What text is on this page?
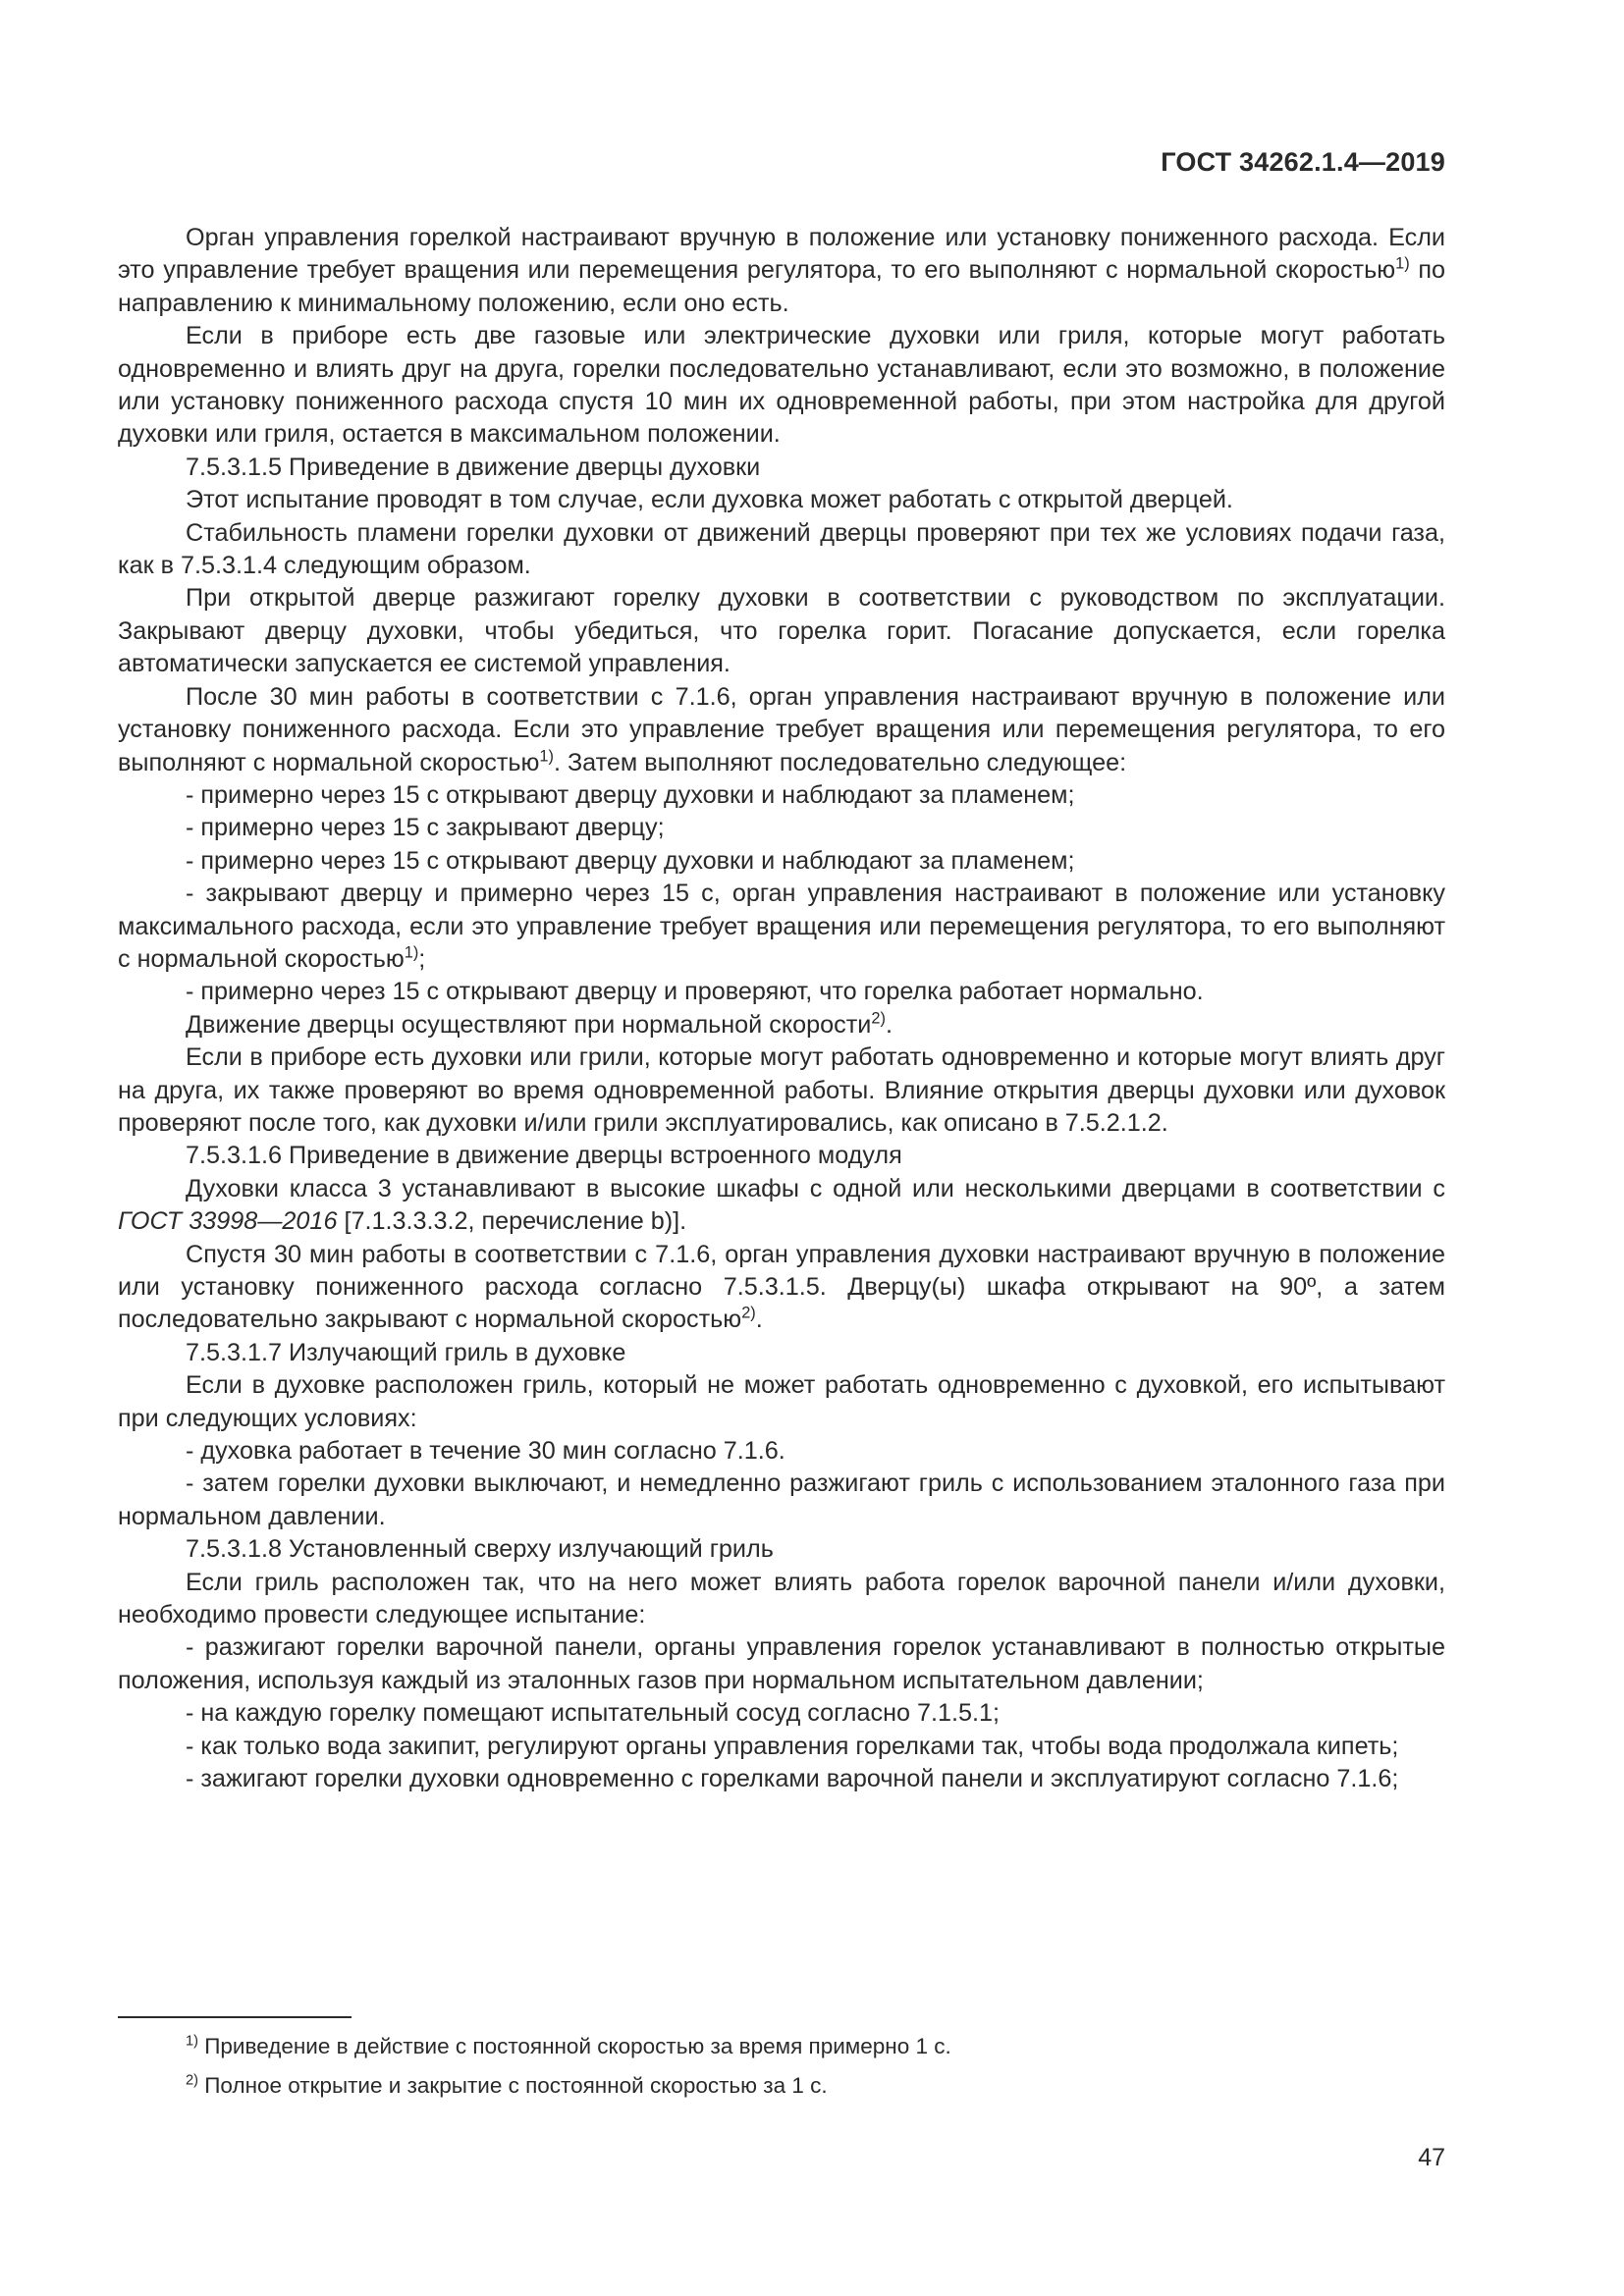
ГОСТ 34262.1.4—2019

Орган управления горелкой настраивают вручную в положение или установку пониженного расхода. Если это управление требует вращения или перемещения регулятора, то его выполняют с нормальной скоростью$^{1)}$ по направлению к минимальному положению, если оно есть.

Если в приборе есть две газовые или электрические духовки или гриля, которые могут работать одновременно и влиять друг на друга, горелки последовательно устанавливают, если это возможно, в положение или установку пониженного расхода спустя 10 мин их одновременной работы, при этом настройка для другой духовки или гриля, остается в максимальном положении.

7.5.3.1.5 Приведение в движение дверцы духовки

Этот испытание проводят в том случае, если духовка может работать с открытой дверцей.

Стабильность пламени горелки духовки от движений дверцы проверяют при тех же условиях подачи газа, как в 7.5.3.1.4 следующим образом.

При открытой дверце разжигают горелку духовки в соответствии с руководством по эксплуатации. Закрывают дверцу духовки, чтобы убедиться, что горелка горит. Погасание допускается, если горелка автоматически запускается ее системой управления.

После 30 мин работы в соответствии с 7.1.6, орган управления настраивают вручную в положение или установку пониженного расхода. Если это управление требует вращения или перемещения регулятора, то его выполняют с нормальной скоростью$^{1)}$. Затем выполняют последовательно следующее:

- примерно через 15 с открывают дверцу духовки и наблюдают за пламенем;

- примерно через 15 с закрывают дверцу;

- примерно через 15 с открывают дверцу духовки и наблюдают за пламенем;

- закрывают дверцу и примерно через 15 с, орган управления настраивают в положение или установку максимального расхода, если это управление требует вращения или перемещения регулятора, то его выполняют с нормальной скоростью$^{1)}$;

- примерно через 15 с открывают дверцу и проверяют, что горелка работает нормально.

Движение дверцы осуществляют при нормальной скорости$^{2)}$.

Если в приборе есть духовки или грили, которые могут работать одновременно и которые могут влиять друг на друга, их также проверяют во время одновременной работы. Влияние открытия дверцы духовки или духовок проверяют после того, как духовки и/или грили эксплуатировались, как описано в 7.5.2.1.2.

7.5.3.1.6 Приведение в движение дверцы встроенного модуля

Духовки класса 3 устанавливают в высокие шкафы с одной или несколькими дверцами в соответствии с ГОСТ 33998—2016 [7.1.3.3.3.2, перечисление b)].

Спустя 30 мин работы в соответствии с 7.1.6, орган управления духовки настраивают вручную в положение или установку пониженного расхода согласно 7.5.3.1.5. Дверцу(ы) шкафа открывают на 90º, а затем последовательно закрывают с нормальной скоростью$^{2)}$.

7.5.3.1.7 Излучающий гриль в духовке

Если в духовке расположен гриль, который не может работать одновременно с духовкой, его испытывают при следующих условиях:

- духовка работает в течение 30 мин согласно 7.1.6.

- затем горелки духовки выключают, и немедленно разжигают гриль с использованием эталонного газа при нормальном давлении.

7.5.3.1.8 Установленный сверху излучающий гриль

Если гриль расположен так, что на него может влиять работа горелок варочной панели и/или духовки, необходимо провести следующее испытание:

- разжигают горелки варочной панели, органы управления горелок устанавливают в полностью открытые положения, используя каждый из эталонных газов при нормальном испытательном давлении;

- на каждую горелку помещают испытательный сосуд согласно 7.1.5.1;

- как только вода закипит, регулируют органы управления горелками так, чтобы вода продолжала кипеть;

- зажигают горелки духовки одновременно с горелками варочной панели и эксплуатируют согласно 7.1.6;

$^{1)}$ Приведение в действие с постоянной скоростью за время примерно 1 с.

$^{2)}$ Полное открытие и закрытие с постоянной скоростью за 1 с.

47
